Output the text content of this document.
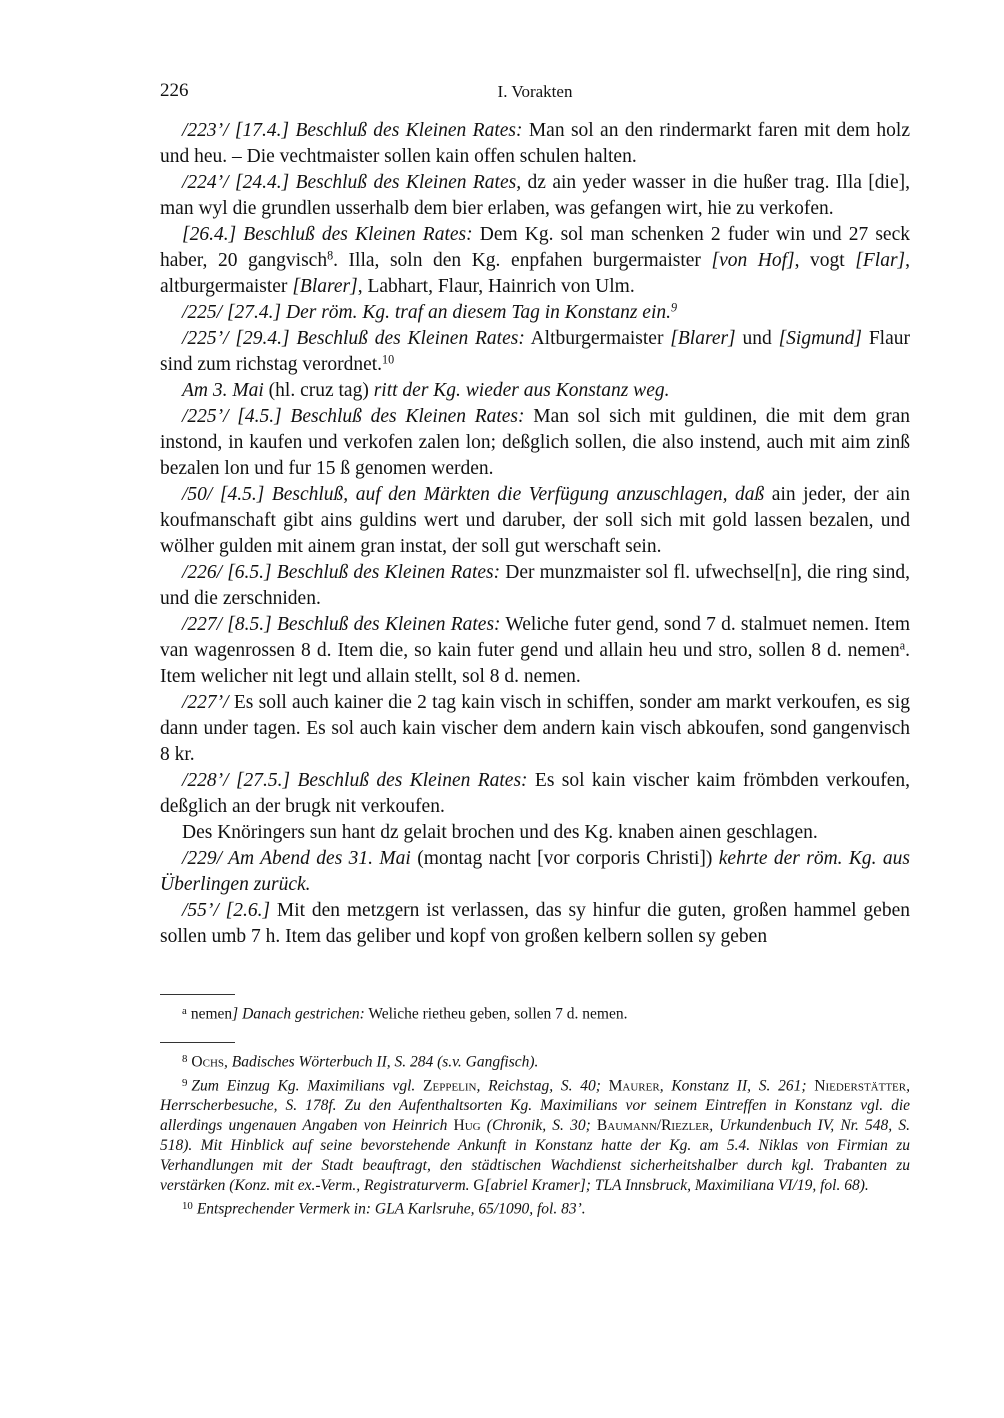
226	I. Vorakten

/223’/ [17.4.] Beschluß des Kleinen Rates: Man sol an den rindermarkt faren mit dem holz und heu. – Die vechtmaister sollen kain offen schulen halten.

/224’/ [24.4.] Beschluß des Kleinen Rates, dz ain yeder wasser in die hußer trag. Illa [die], man wyl die grundlen usserhalb dem bier erlaben, was gefangen wirt, hie zu verkofen.

[26.4.] Beschluß des Kleinen Rates: Dem Kg. sol man schenken 2 fuder win und 27 seck haber, 20 gangvisch$^8$. Illa, soln den Kg. enpfahen burgermaister [von Hof], vogt [Flar], altburgermaister [Blarer], Labhart, Flaur, Hainrich von Ulm.

/225/ [27.4.] Der röm. Kg. traf an diesem Tag in Konstanz ein.$^9$

/225’/ [29.4.] Beschluß des Kleinen Rates: Altburgermaister [Blarer] und [Sigmund] Flaur sind zum richstag verordnet.$^{10}$

Am 3. Mai (hl. cruz tag) ritt der Kg. wieder aus Konstanz weg.

/225’/ [4.5.] Beschluß des Kleinen Rates: Man sol sich mit guldinen, die mit dem gran instond, in kaufen und verkofen zalen lon; deßglich sollen, die also instend, auch mit aim zinß bezalen lon und fur 15 ß genomen werden.

/50/ [4.5.] Beschluß, auf den Märkten die Verfügung anzuschlagen, daß ain jeder, der ain koufmanschaft gibt ains guldins wert und daruber, der soll sich mit gold lassen bezalen, und wölher gulden mit ainem gran instat, der soll gut werschaft sein.

/226/ [6.5.] Beschluß des Kleinen Rates: Der munzmaister sol fl. ufwechsel[n], die ring sind, und die zerschniden.

/227/ [8.5.] Beschluß des Kleinen Rates: Weliche futer gend, sond 7 d. stalmuet nemen. Item van wagenrossen 8 d. Item die, so kain futer gend und allain heu und stro, sollen 8 d. nemen$^a$. Item welicher nit legt und allain stellt, sol 8 d. nemen.

/227’/ Es soll auch kainer die 2 tag kain visch in schiffen, sonder am markt verkoufen, es sig dann under tagen. Es sol auch kain vischer dem andern kain visch abkoufen, sond gangenvisch 8 kr.

/228’/ [27.5.] Beschluß des Kleinen Rates: Es sol kain vischer kaim frömbden verkoufen, deßglich an der brugk nit verkoufen.

Des Knöringers sun hant dz gelait brochen und des Kg. knaben ainen geschlagen.

/229/ Am Abend des 31. Mai (montag nacht [vor corporis Christi]) kehrte der röm. Kg. aus Überlingen zurück.

/55’/ [2.6.] Mit den metzgern ist verlassen, das sy hinfur die guten, großen hammel geben sollen umb 7 h. Item das geliber und kopf von großen kelbern sollen sy geben

$^a$ nemen] Danach gestrichen: Weliche rietheu geben, sollen 7 d. nemen.

$^8$ Ochs, Badisches Wörterbuch II, S. 284 (s.v. Gangfisch).

$^9$ Zum Einzug Kg. Maximilians vgl. Zeppelin, Reichstag, S. 40; Maurer, Konstanz II, S. 261; Niederstätter, Herrscherbesuche, S. 178f. Zu den Aufenthaltsorten Kg. Maximilians vor seinem Eintreffen in Konstanz vgl. die allerdings ungenauen Angaben von Heinrich Hug (Chronik, S. 30; Baumann/Riezler, Urkundenbuch IV, Nr. 548, S. 518). Mit Hinblick auf seine bevorstehende Ankunft in Konstanz hatte der Kg. am 5.4. Niklas von Firmian zu Verhandlungen mit der Stadt beauftragt, den städtischen Wachdienst sicherheitshalber durch kgl. Trabanten zu verstärken (Konz. mit ex.-Verm., Registraturverm. G[abriel Kramer]; TLA Innsbruck, Maximiliana VI/19, fol. 68).

$^{10}$ Entsprechender Vermerk in: GLA Karlsruhe, 65/1090, fol. 83’.
